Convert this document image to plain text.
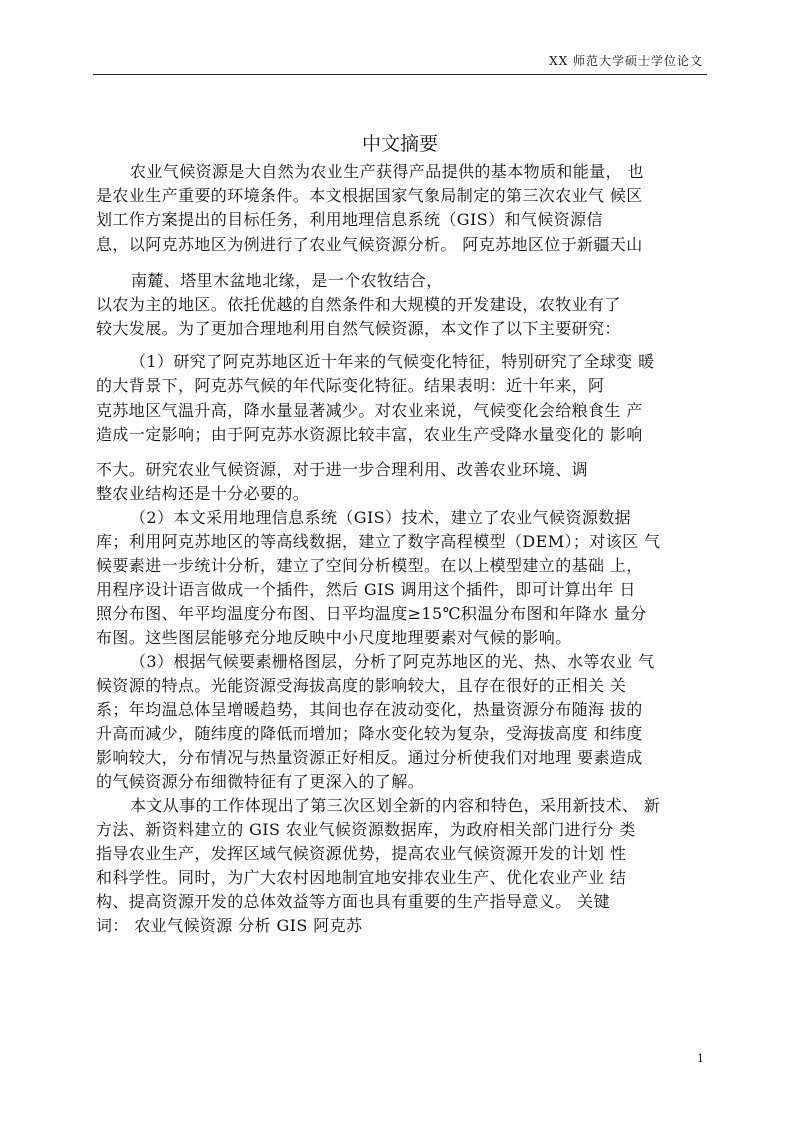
XX 师范大学硕士学位论文
中文摘要
农业气候资源是大自然为农业生产获得产品提供的基本物质和能量， 也
是农业生产重要的环境条件。本文根据国家气象局制定的第三次农业气 候区
划工作方案提出的目标任务，利用地理信息系统（GIS）和气候资源信
息，以阿克苏地区为例进行了农业气候资源分析。 阿克苏地区位于新疆天山
南麓、塔里木盆地北缘，是一个农牧结合，
以农为主的地区。依托优越的自然条件和大规模的开发建设，农牧业有了
较大发展。为了更加合理地利用自然气候资源，本文作了以下主要研究：
（1）研究了阿克苏地区近十年来的气候变化特征，特别研究了全球变 暖
的大背景下，阿克苏气候的年代际变化特征。结果表明：近十年来，阿
克苏地区气温升高，降水量显著减少。对农业来说，气候变化会给粮食生 产
造成一定影响；由于阿克苏水资源比较丰富，农业生产受降水量变化的 影响
不大。研究农业气候资源，对于进一步合理利用、改善农业环境、调
整农业结构还是十分必要的。
（2）本文采用地理信息系统（GIS）技术，建立了农业气候资源数据
库；利用阿克苏地区的等高线数据，建立了数字高程模型（DEM）；对该区 气
候要素进一步统计分析，建立了空间分析模型。在以上模型建立的基础 上，
用程序设计语言做成一个插件，然后 GIS 调用这个插件，即可计算出年 日
照分布图、年平均温度分布图、日平均温度≥15℃积温分布图和年降水 量分
布图。这些图层能够充分地反映中小尺度地理要素对气候的影响。
（3）根据气候要素栅格图层，分析了阿克苏地区的光、热、水等农业 气
候资源的特点。光能资源受海拔高度的影响较大，且存在很好的正相关 关
系；年均温总体呈增暖趋势，其间也存在波动变化，热量资源分布随海 拔的
升高而减少，随纬度的降低而增加；降水变化较为复杂，受海拔高度 和纬度
影响较大，分布情况与热量资源正好相反。通过分析使我们对地理 要素造成
的气候资源分布细微特征有了更深入的了解。
本文从事的工作体现出了第三次区划全新的内容和特色，采用新技术、 新
方法、新资料建立的 GIS 农业气候资源数据库，为政府相关部门进行分 类
指导农业生产，发挥区域气候资源优势，提高农业气候资源开发的计划 性
和科学性。同时，为广大农村因地制宜地安排农业生产、优化农业产业 结
构、提高资源开发的总体效益等方面也具有重要的生产指导意义。 关键
词： 农业气候资源 分析 GIS 阿克苏
1
